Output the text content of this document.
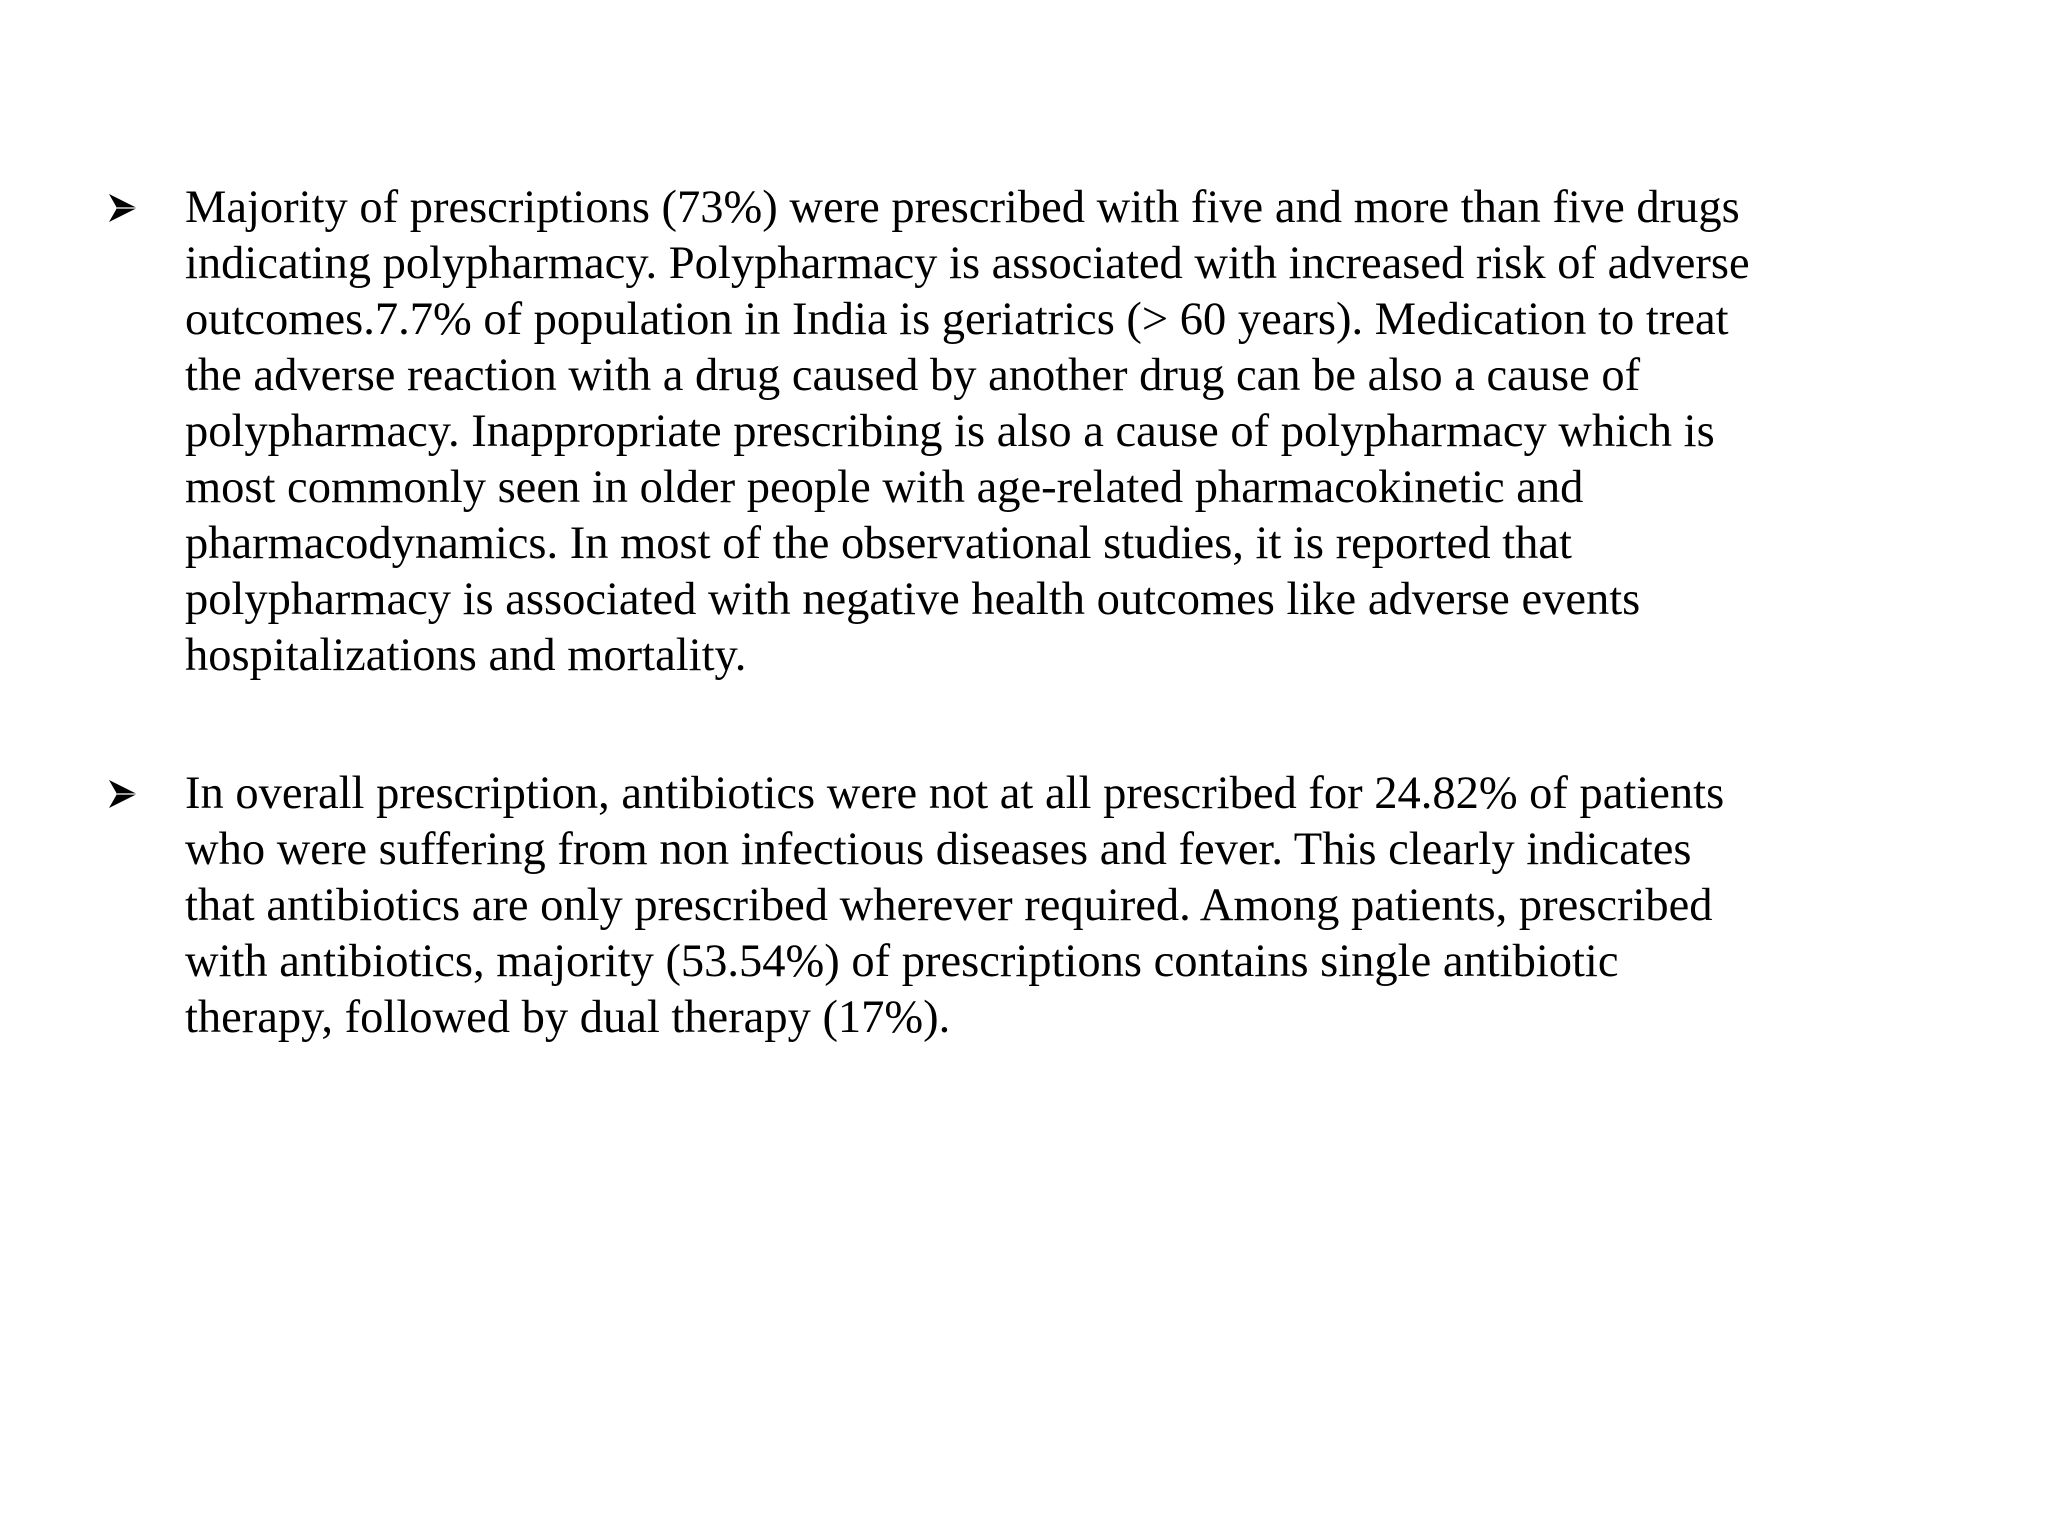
Majority of prescriptions (73%) were prescribed with five and more than five drugs
indicating polypharmacy. Polypharmacy is associated with increased risk of adverse
outcomes.7.7% of population in India is geriatrics (> 60 years). Medication to treat
the adverse reaction with a drug caused by another drug can be also a cause of
polypharmacy. Inappropriate prescribing is also a cause of polypharmacy which is
most commonly seen in older people with age-related pharmacokinetic and
pharmacodynamics. In most of the observational studies, it is reported that
polypharmacy is associated with negative health outcomes like adverse events
hospitalizations and mortality.
In overall prescription, antibiotics were not at all prescribed for 24.82% of patients
who were suffering from non infectious diseases and fever. This clearly indicates
that antibiotics are only prescribed wherever required. Among patients, prescribed
with antibiotics, majority (53.54%) of prescriptions contains single antibiotic
therapy, followed by dual therapy (17%).
